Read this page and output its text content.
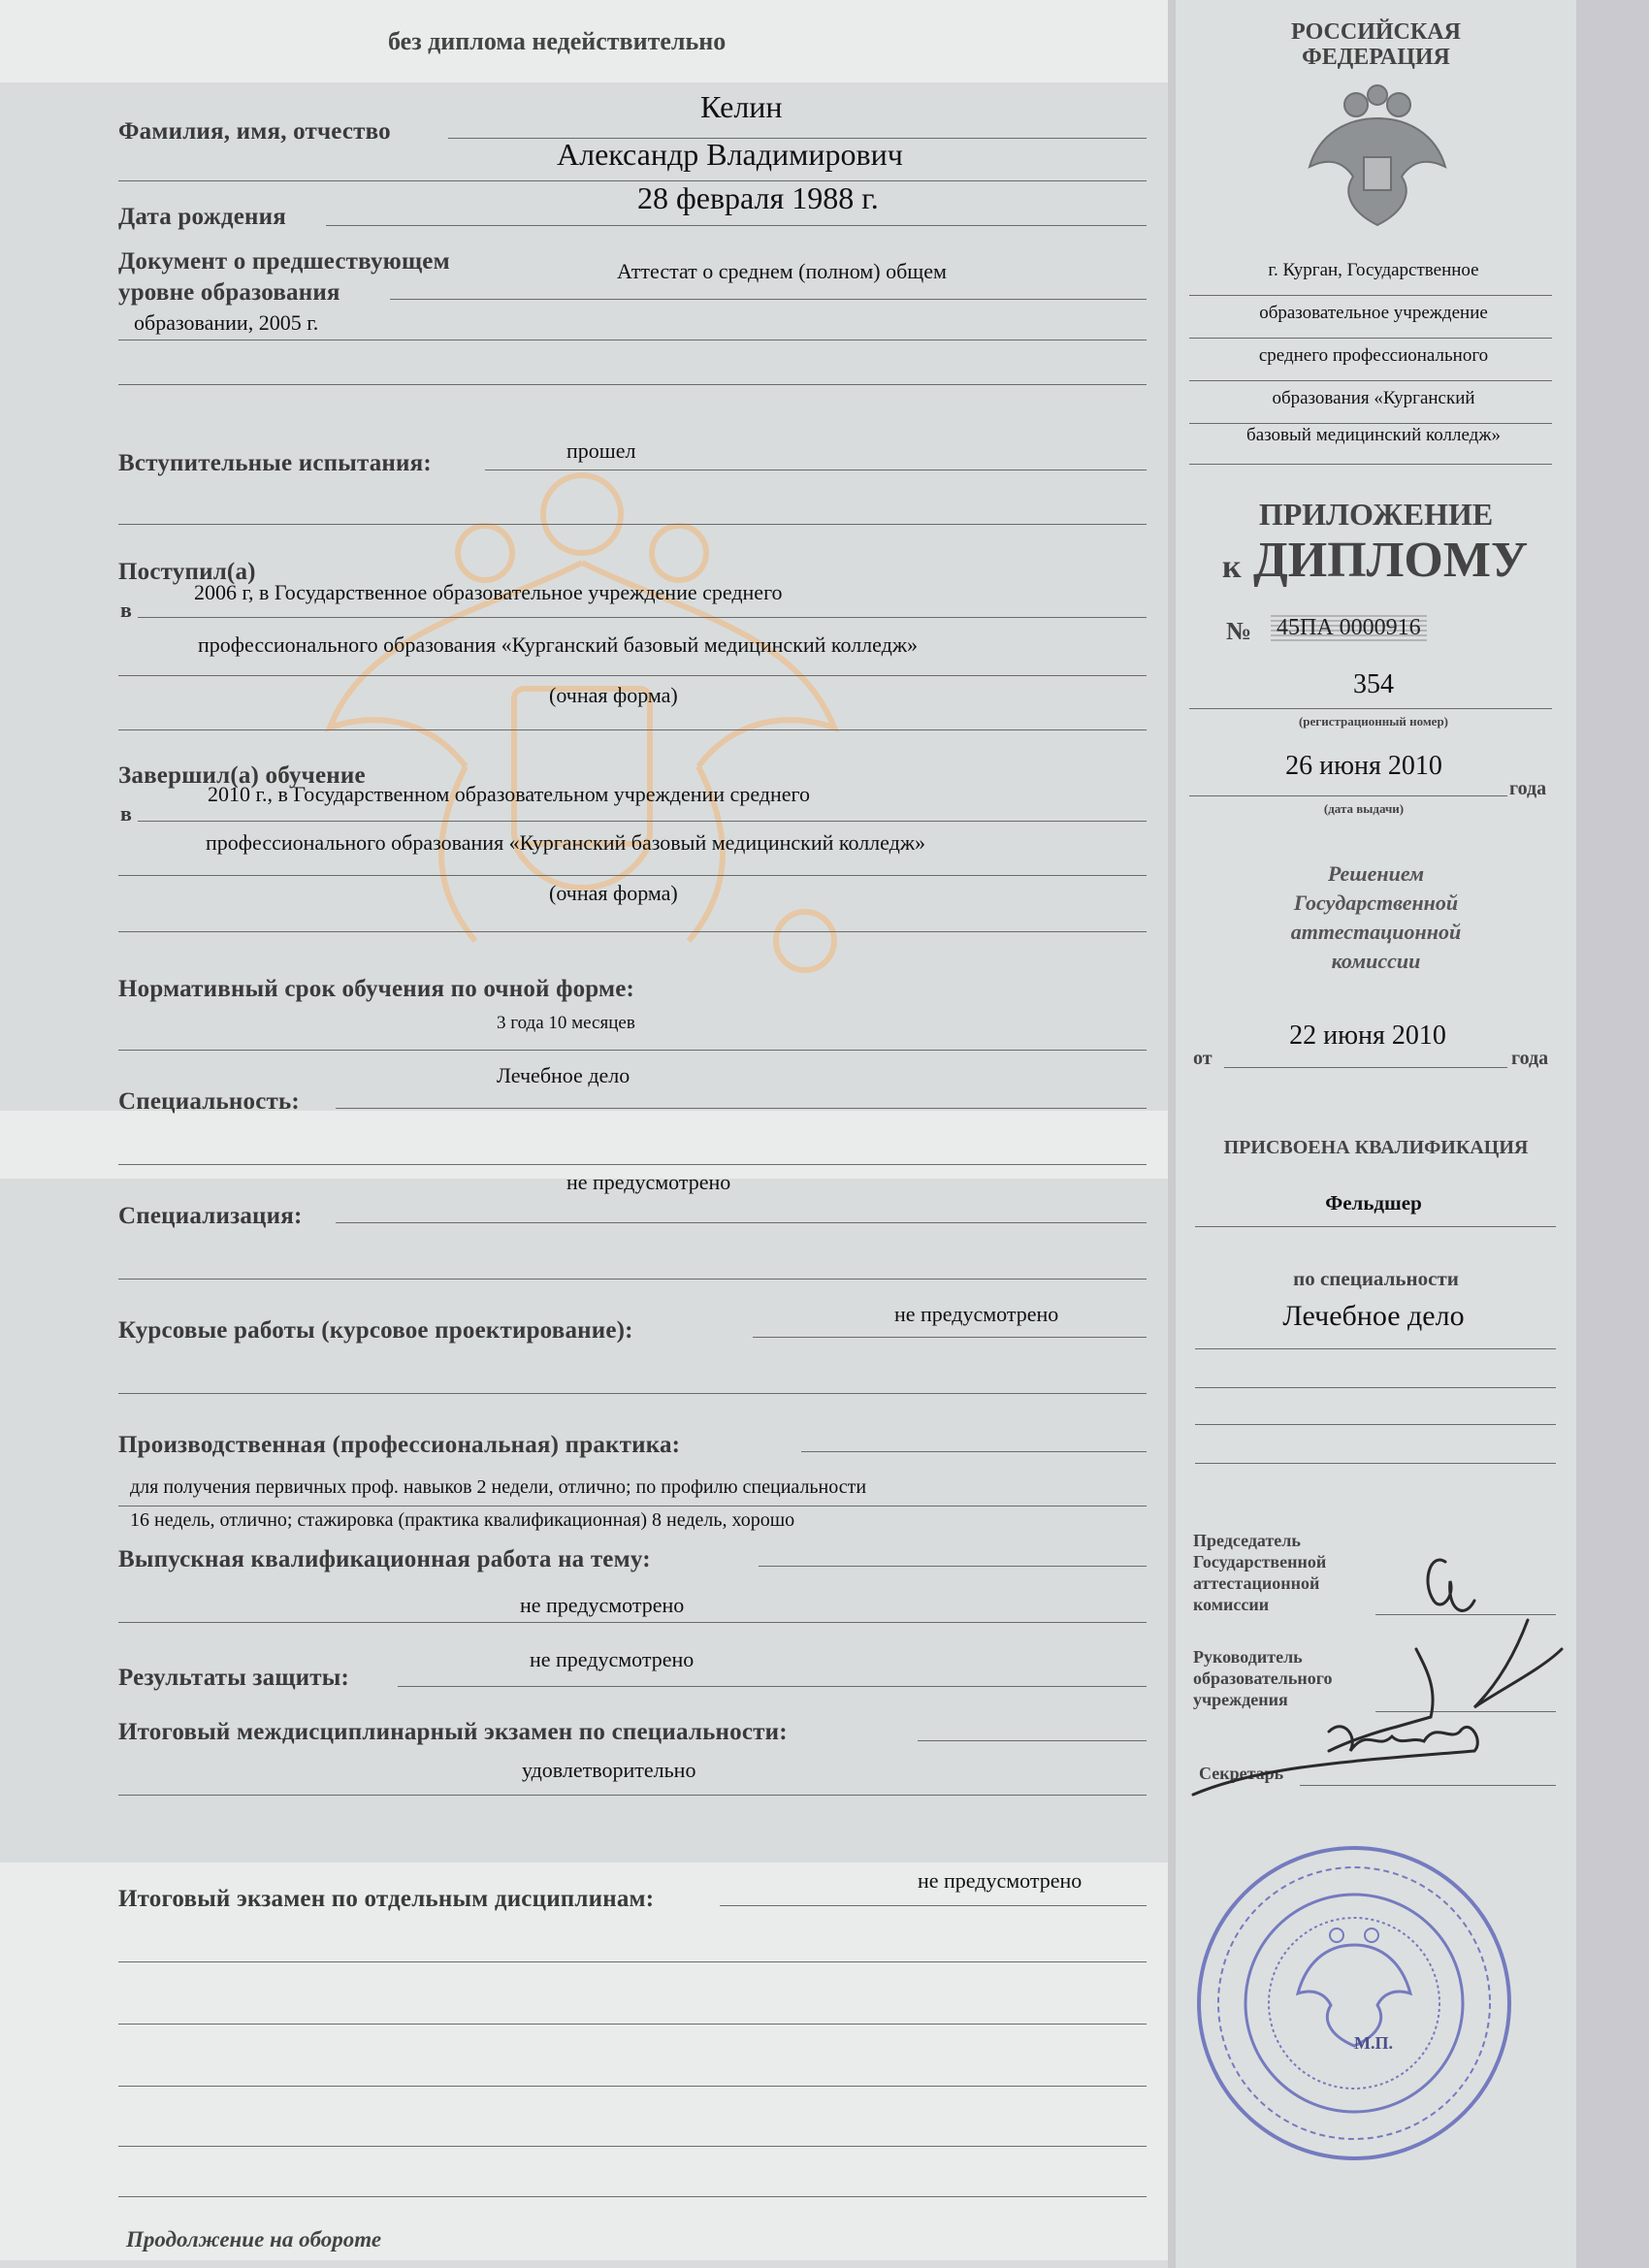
без диплома недействительно
Фамилия, имя, отчество
Келин
Александр Владимирович
Дата рождения
28 февраля 1988 г.
Документ о предшествующем
уровне образования
Аттестат о среднем (полном) общем
образовании, 2005 г.
Вступительные испытания:	прошел
Поступил(а)
в
2006 г, в Государственное образовательное учреждение среднего
профессионального образования «Курганский базовый медицинский колледж»
(очная форма)
Завершил(а) обучение
в
2010 г., в Государственном образовательном учреждении среднего
профессионального образования «Курганский базовый медицинский колледж»
(очная форма)
Нормативный срок обучения по очной форме:
3 года 10 месяцев
Лечебное дело
Специальность:
не предусмотрено
Специализация:
Курсовые работы (курсовое проектирование):
не предусмотрено
Производственная (профессиональная) практика:
для получения первичных проф. навыков 2 недели, отлично; по профилю специальности
16 недель, отлично; стажировка (практика квалификационная) 8 недель, хорошо
Выпускная квалификационная работа на тему:
не предусмотрено
не предусмотрено
Результаты защиты:
Итоговый междисциплинарный экзамен по специальности:
удовлетворительно
не предусмотрено
Итоговый экзамен по отдельным дисциплинам:
Продолжение на обороте
РОССИЙСКАЯ
ФЕДЕРАЦИЯ
г. Курган, Государственное
образовательное учреждение
среднего профессионального
образования «Курганский
базовый медицинский колледж»
ПРИЛОЖЕНИЕ
к ДИПЛОМУ
№ 45ПА 0000916
354
(регистрационный номер)
26 июня 2010
года
(дата выдачи)
Решением
Государственной
аттестационной
комиссии
от
22 июня 2010
года
ПРИСВОЕНА КВАЛИФИКАЦИЯ
Фельдшер
по специальности
Лечебное дело
Председатель
Государственной
аттестационной
комиссии
Руководитель
образовательного
учреждения
Секретарь
М.П.
